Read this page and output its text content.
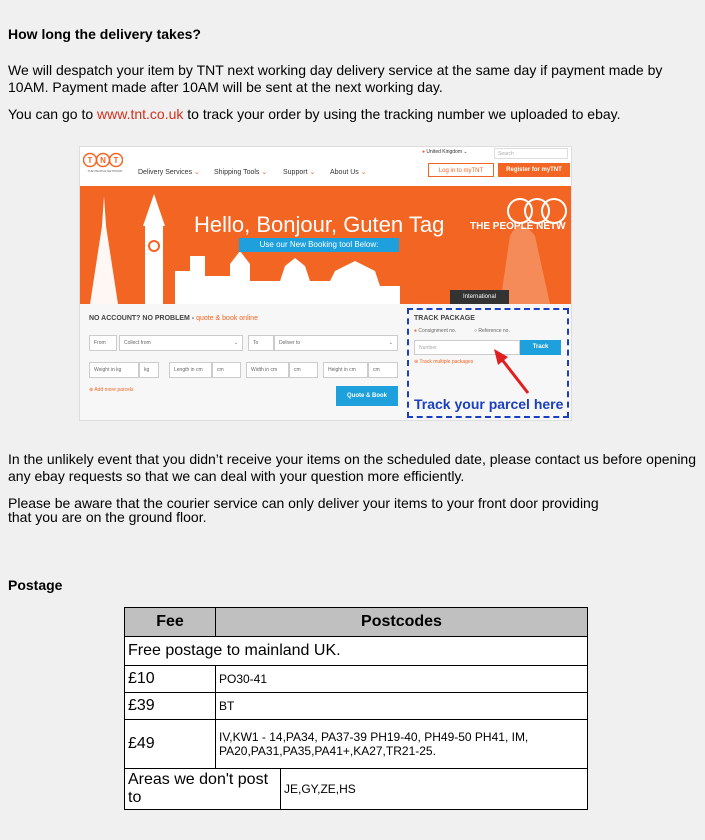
How long the delivery takes?
We will despatch your item by TNT next working day delivery service at the same day if payment made by
10AM. Payment made after 10AM will be sent at the next working day.
You can go to www.tnt.co.uk to track your order by using the tracking number we uploaded to ebay.
T N T
THE PEOPLE NETWORK Delivery Services ⌄ Shipping Tools ⌄ Support ⌄ About Us ⌄
● United Kingdom ⌄	Search
Log in to myTNT	Register for myTNT
Hello, Bonjour, Guten Tag
Use our New Booking tool Below:
THE PEOPLE NETW
National	International
NO ACCOUNT? NO PROBLEM - quote & book online
From	Collect from	⌄	To	Deliver to	⌄
Weight in kg	kg	Length in cm	cm	Width in cm	cm	Height in cm	cm
⊕ Add more parcels
Quote & Book
TRACK PACKAGE
● Consignment no.	○ Reference no.
Number	Track
⊕ Track multiple packages
Track your parcel here
In the unlikely event that you didn’t receive your items on the scheduled date, please contact us before opening
any ebay requests so that we can deal with your question more efficiently.
Please be aware that the courier service can only deliver your items to your front door providing
that you are on the ground floor.
Postage
Fee	Postcodes	
Free postage to mainland UK.		
£10	PO30-41	
£39	BT	
£49	IV,KW1 - 14,PA34, PA37-39 PH19-40, PH49-50 PH41, IM,
PA20,PA31,PA35,PA41+,KA27,TR21-25.	

Areas we don't post to		JE,GY,ZE,HS
